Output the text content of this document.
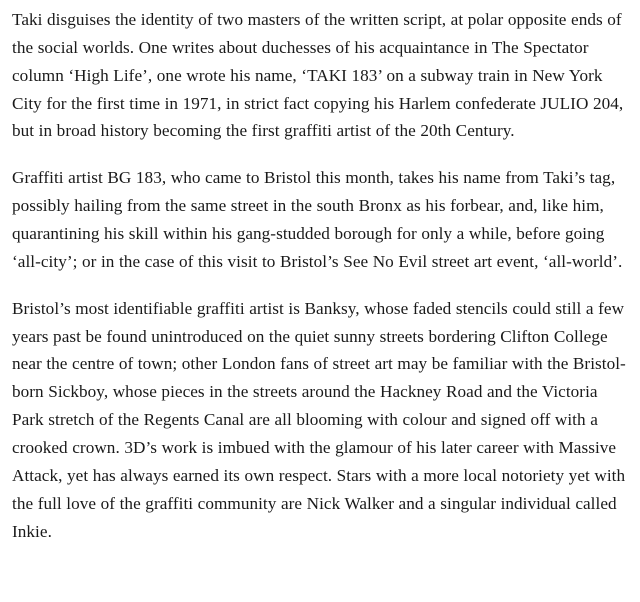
Taki disguises the identity of two masters of the written script, at polar opposite ends of the social worlds. One writes about duchesses of his acquaintance in The Spectator column ‘High Life’, one wrote his name, ‘TAKI 183’ on a subway train in New York City for the first time in 1971, in strict fact copying his Harlem confederate JULIO 204, but in broad history becoming the first graffiti artist of the 20th Century.

Graffiti artist BG 183, who came to Bristol this month, takes his name from Taki’s tag, possibly hailing from the same street in the south Bronx as his forbear, and, like him, quarantining his skill within his gang-studded borough for only a while, before going ‘all-city’; or in the case of this visit to Bristol’s See No Evil street art event, ‘all-world’.

Bristol’s most identifiable graffiti artist is Banksy, whose faded stencils could still a few years past be found unintroduced on the quiet sunny streets bordering Clifton College near the centre of town; other London fans of street art may be familiar with the Bristol-born Sickboy, whose pieces in the streets around the Hackney Road and the Victoria Park stretch of the Regents Canal are all blooming with colour and signed off with a crooked crown. 3D’s work is imbued with the glamour of his later career with Massive Attack, yet has always earned its own respect. Stars with a more local notoriety yet with the full love of the graffiti community are Nick Walker and a singular individual called Inkie.
